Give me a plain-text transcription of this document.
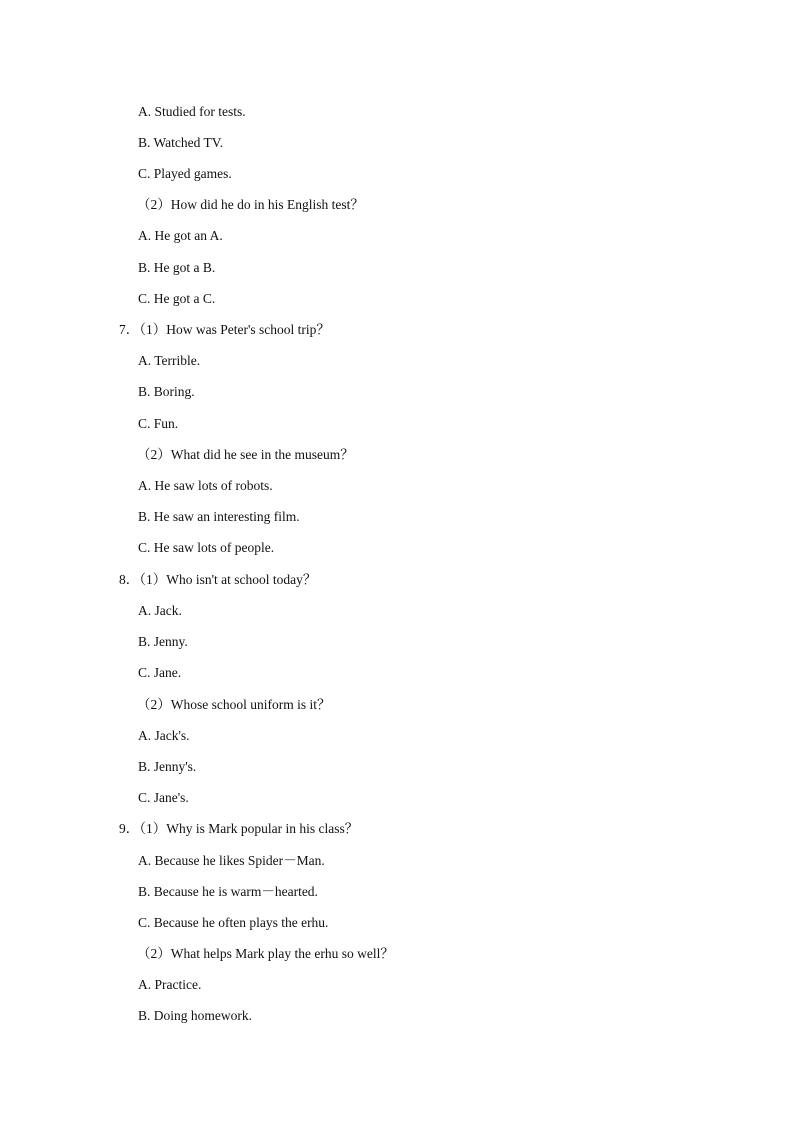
A. Studied for tests.
B. Watched TV.
C. Played games.
（2）How did he do in his English test？
A. He got an A.
B. He got a B.
C. He got a C.
7．（1）How was Peter's school trip？
A. Terrible.
B. Boring.
C. Fun.
（2）What did he see in the museum？
A. He saw lots of robots.
B. He saw an interesting film.
C. He saw lots of people.
8．（1）Who isn't at school today？
A. Jack.
B. Jenny.
C. Jane.
（2）Whose school uniform is it？
A. Jack's.
B. Jenny's.
C. Jane's.
9．（1）Why is Mark popular in his class？
A. Because he likes Spider－Man.
B. Because he is warm－hearted.
C. Because he often plays the erhu.
（2）What helps Mark play the erhu so well？
A. Practice.
B. Doing homework.
